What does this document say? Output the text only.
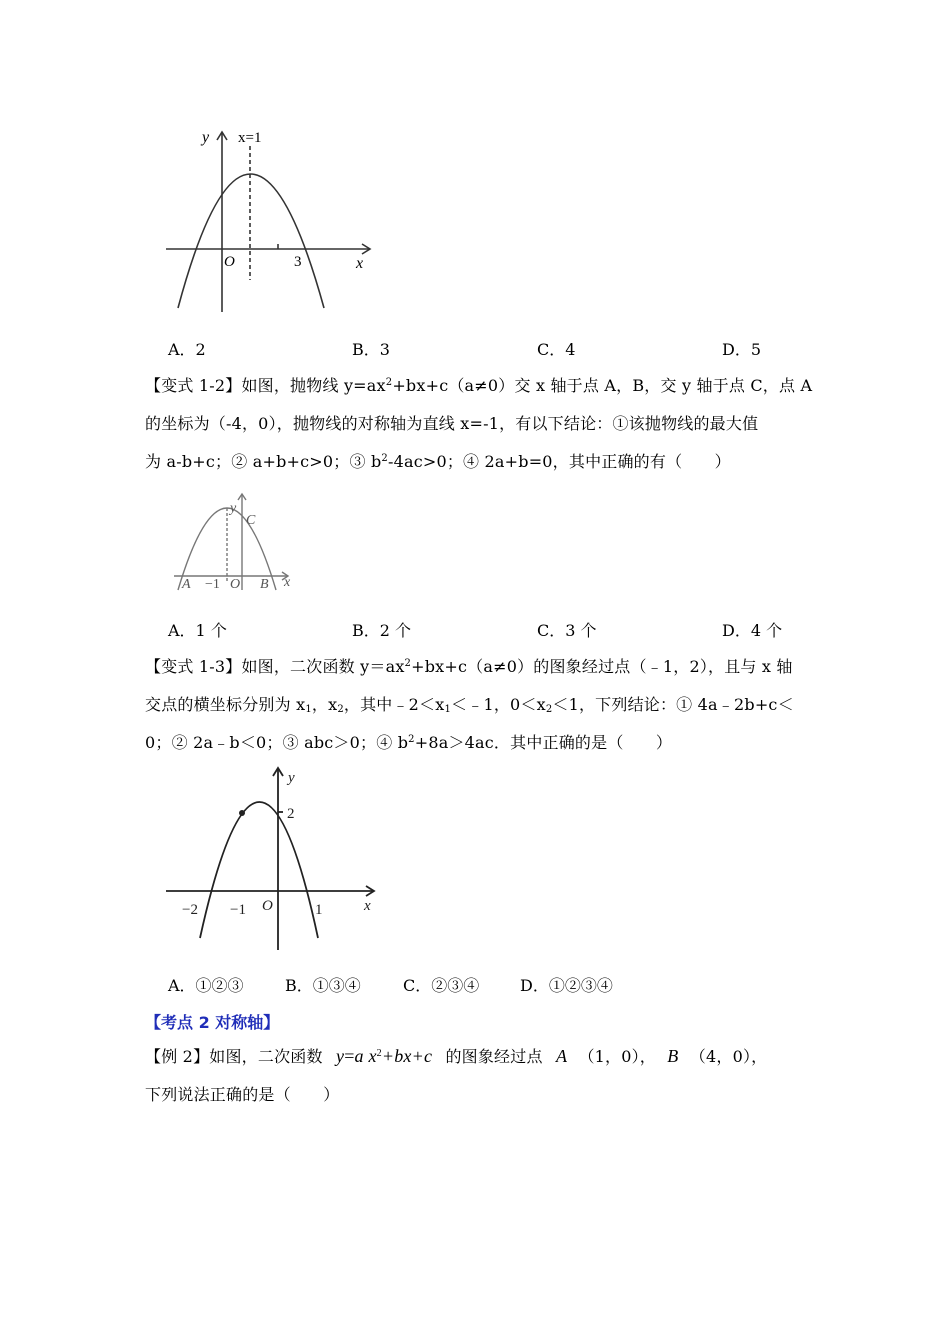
y x=1
O	3	x
A．2	B．3	C．4	D．5
【变式 1-2】如图，抛物线 $y=ax^2+bx+c(a\ne 0)$交 x 轴于点 A，B，交 y 轴于点 C，点 A
的坐标为（-4，0），抛物线的对称轴为直线 x=-1，有以下结论：①该抛物线的最大值
为 a-b+c；② a+b+c>0；③ $b^2-4ac>0$；④ 2a+b=0，其中正确的有（　　）
y
C
A −1 O B x
A．1 个	B．2 个	C．3 个	D．4 个
【变式 1-3】如图，二次函数 $y=ax^2+bx+c(a\ne 0)$的图象经过点（﹣1，2），且与 x 轴
交点的横坐标分别为 $x_1$，$x_2$，其中$﹣2<x_1<﹣1$，$0<x_2<1$，下列结论：① 4a﹣2b+c＜
0；② 2a﹣b＜0；③ abc＞0；④ $b^2+8a>4ac$．其中正确的是（　　）
y
2
−2 −1 O	1	x
A．①②③	B．①③④	C．②③④	D．①②③④
【考点 2 对称轴】
【例 2】如图，二次函数 y=a $x^2+bx+c$ 的图象经过点 A （1，0）， B （4，0），
下列说法正确的是（　　）
